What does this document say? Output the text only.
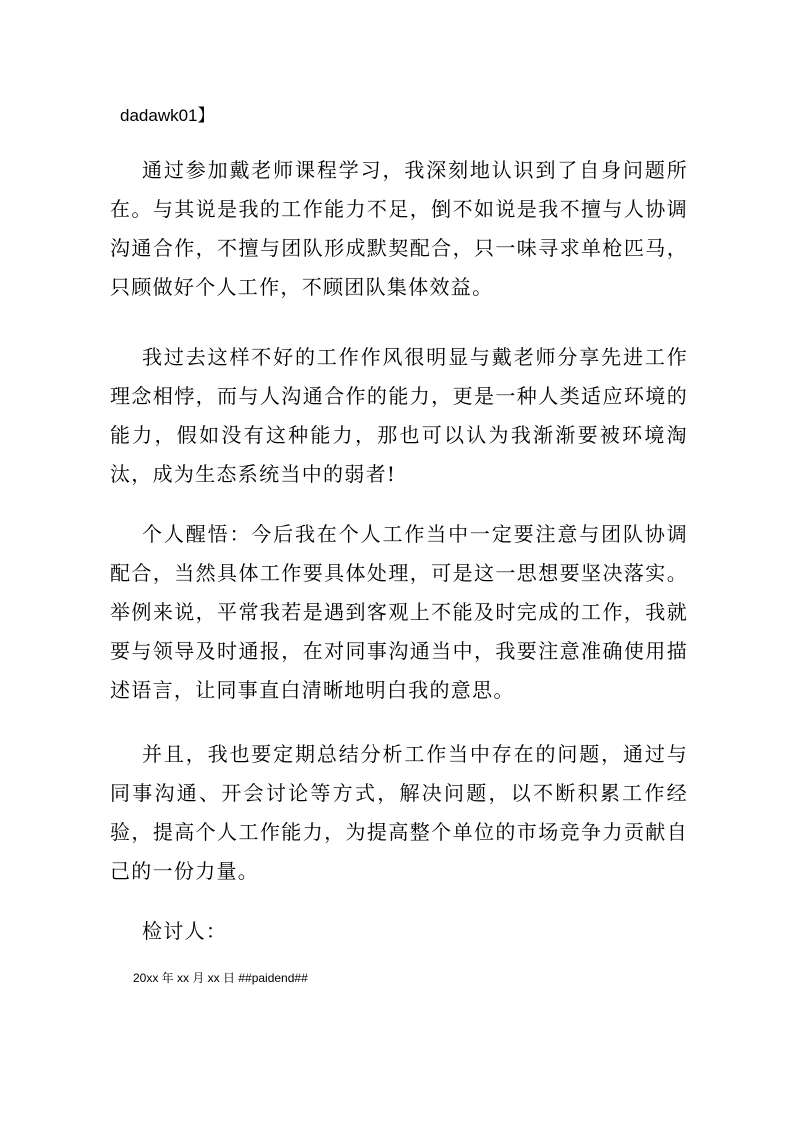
dadawk01】

通过参加戴老师课程学习，我深刻地认识到了自身问题所在。与其说是我的工作能力不足，倒不如说是我不擅与人协调沟通合作，不擅与团队形成默契配合，只一味寻求单枪匹马，只顾做好个人工作，不顾团队集体效益。

我过去这样不好的工作作风很明显与戴老师分享先进工作理念相悖，而与人沟通合作的能力，更是一种人类适应环境的能力，假如没有这种能力，那也可以认为我渐渐要被环境淘汰，成为生态系统当中的弱者!

个人醒悟：今后我在个人工作当中一定要注意与团队协调配合，当然具体工作要具体处理，可是这一思想要坚决落实。举例来说，平常我若是遇到客观上不能及时完成的工作，我就要与领导及时通报，在对同事沟通当中，我要注意准确使用描述语言，让同事直白清晰地明白我的意思。

并且，我也要定期总结分析工作当中存在的问题，通过与同事沟通、开会讨论等方式，解决问题，以不断积累工作经验，提高个人工作能力，为提高整个单位的市场竞争力贡献自己的一份力量。

检讨人：
20xx 年 xx 月 xx 日 ##paidend##
